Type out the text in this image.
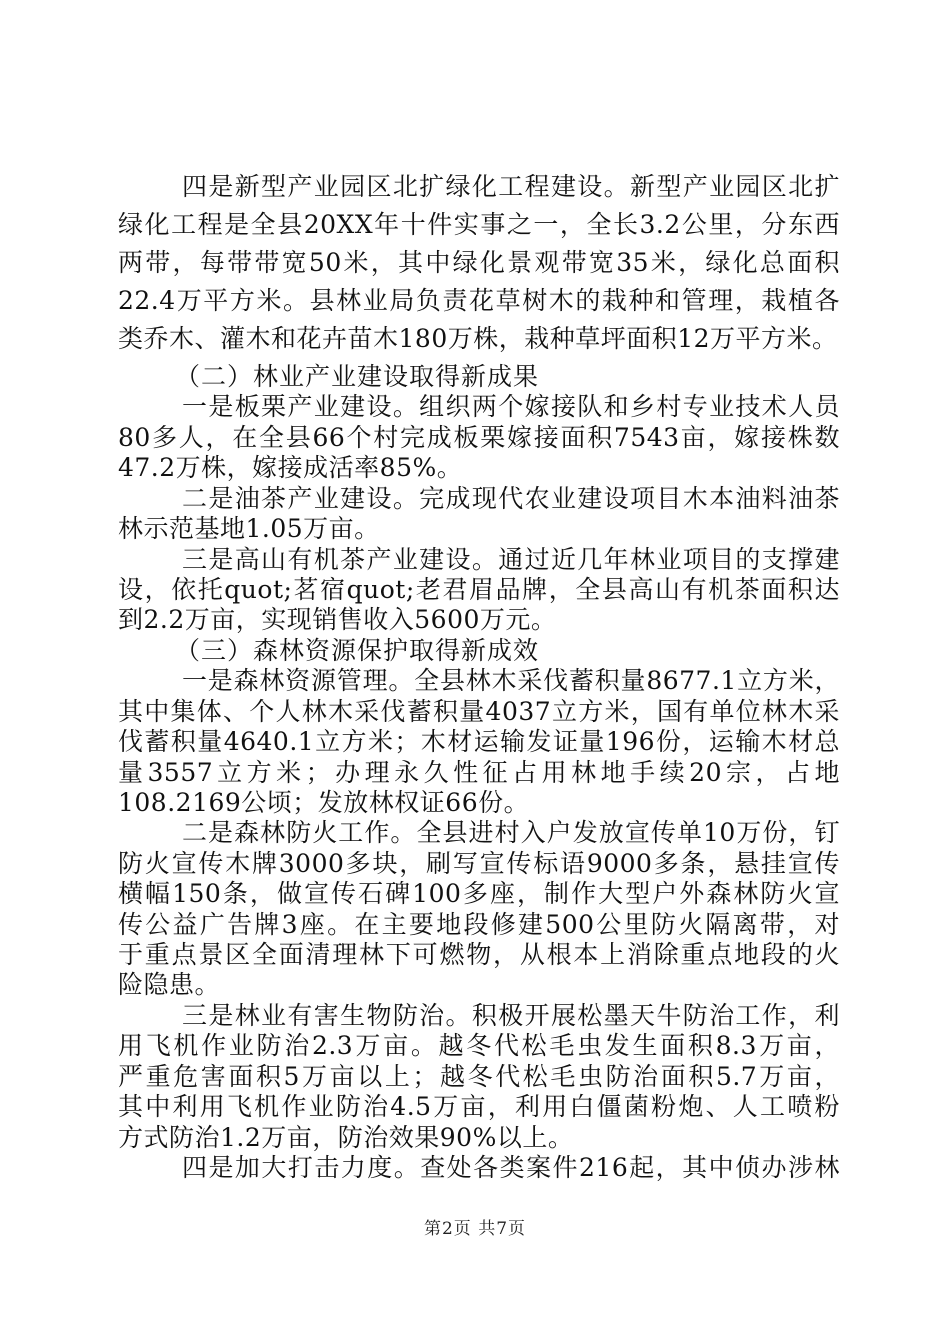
四是新型产业园区北扩绿化工程建设。新型产业园区北扩
绿化工程是全县20XX年十件实事之一，全长3.2公里，分东西
两带，每带带宽50米，其中绿化景观带宽35米，绿化总面积
22.4万平方米。县林业局负责花草树木的栽种和管理，栽植各
类乔木、灌木和花卉苗木180万株，栽种草坪面积12万平方米。
（二）林业产业建设取得新成果
一是板栗产业建设。组织两个嫁接队和乡村专业技术人员
80多人，在全县66个村完成板栗嫁接面积7543亩，嫁接株数
47.2万株，嫁接成活率85%。
二是油茶产业建设。完成现代农业建设项目木本油料油茶
林示范基地1.05万亩。
三是高山有机茶产业建设。通过近几年林业项目的支撑建
设，依托quot;茗宿quot;老君眉品牌，全县高山有机茶面积达
到2.2万亩，实现销售收入5600万元。
（三）森林资源保护取得新成效
一是森林资源管理。全县林木采伐蓄积量8677.1立方米，
其中集体、个人林木采伐蓄积量4037立方米，国有单位林木采
伐蓄积量4640.1立方米；木材运输发证量196份，运输木材总
量3557立方米；办理永久性征占用林地手续20宗，占地
108.2169公顷；发放林权证66份。
二是森林防火工作。全县进村入户发放宣传单10万份，钉
防火宣传木牌3000多块，刷写宣传标语9000多条，悬挂宣传
横幅150条，做宣传石碑100多座，制作大型户外森林防火宣
传公益广告牌3座。在主要地段修建500公里防火隔离带，对
于重点景区全面清理林下可燃物，从根本上消除重点地段的火
险隐患。
三是林业有害生物防治。积极开展松墨天牛防治工作，利
用飞机作业防治2.3万亩。越冬代松毛虫发生面积8.3万亩，
严重危害面积5万亩以上；越冬代松毛虫防治面积5.7万亩，
其中利用飞机作业防治4.5万亩，利用白僵菌粉炮、人工喷粉
方式防治1.2万亩，防治效果90%以上。
四是加大打击力度。查处各类案件216起，其中侦办涉林
第2页 共7页
